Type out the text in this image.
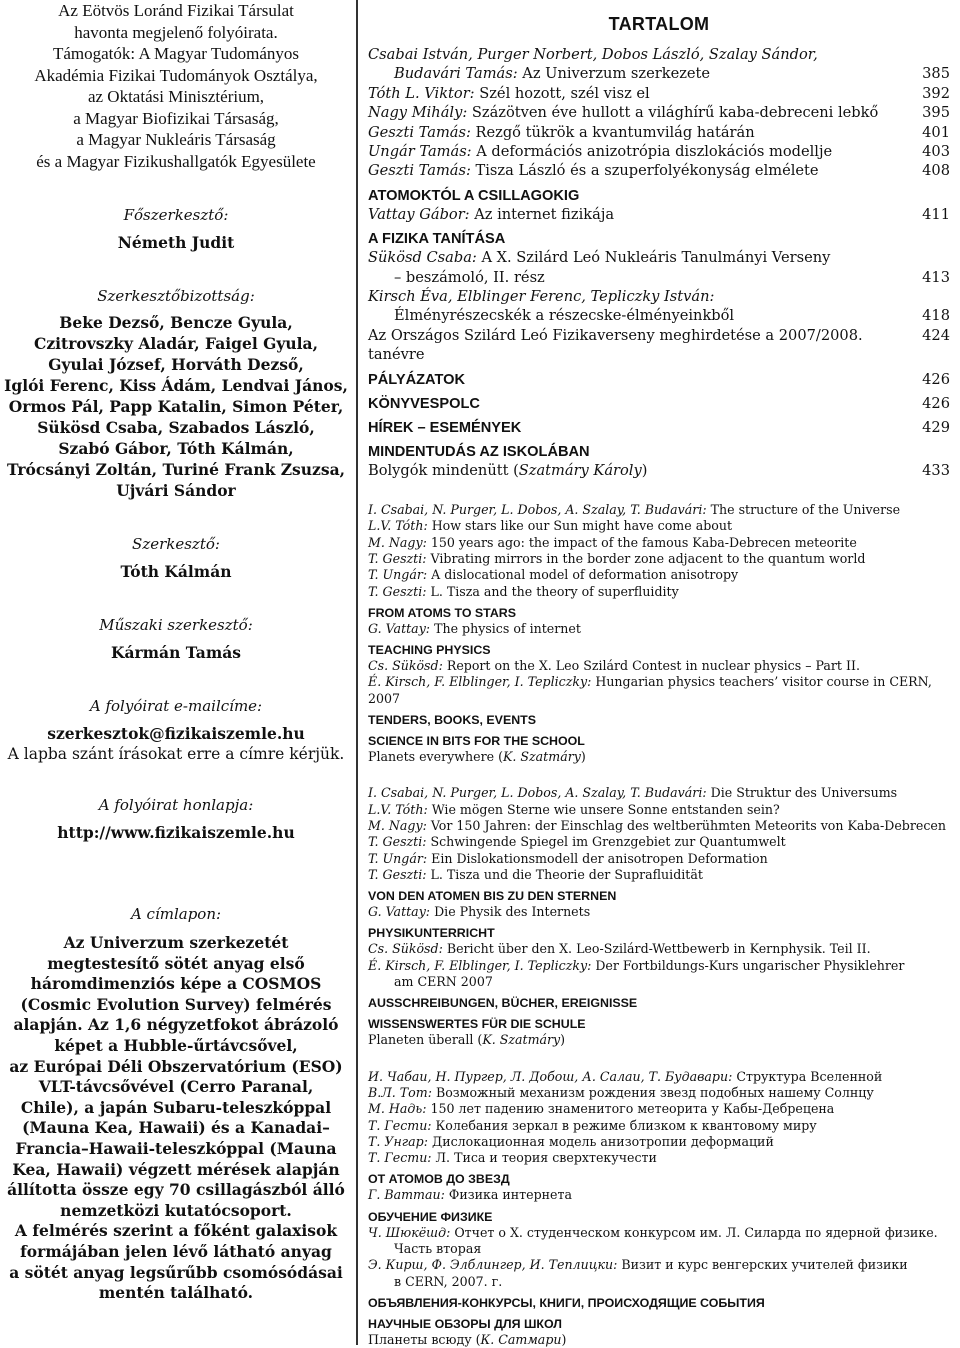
Az Eötvös Loránd Fizikai Társulat
havonta megjelenő folyóirata.
Támogatók: A Magyar Tudományos
Akadémia Fizikai Tudományok Osztálya,
az Oktatási Minisztérium,
a Magyar Biofizikai Társaság,
a Magyar Nukleáris Társaság
és a Magyar Fizikushallgatók Egyesülete
Főszerkesztő:
Németh Judit
Szerkesztőbizottság:
Beke Dezső, Bencze Gyula,
Czitrovszky Aladár, Faigel Gyula,
Gyulai József, Horváth Dezső,
Iglói Ferenc, Kiss Ádám, Lendvai János,
Ormos Pál, Papp Katalin, Simon Péter,
Sükösd Csaba, Szabados László,
Szabó Gábor, Tóth Kálmán,
Trócsányi Zoltán, Turiné Frank Zsuzsa,
Ujvári Sándor
Szerkesztő:
Tóth Kálmán
Műszaki szerkesztő:
Kármán Tamás
A folyóirat e-mailcíme:
szerkesztok@fizikaiszemle.hu
A lapba szánt írásokat erre a címre kérjük.
A folyóirat honlapja:
http://www.fizikaiszemle.hu
A címlapon:
Az Univerzum szerkezetét
megtestesítő sötét anyag első
háromdimenziós képe a COSMOS
(Cosmic Evolution Survey) felmérés
alapján. Az 1,6 négyzetfokot ábrázoló
képet a Hubble-űrtávcsővel,
az Európai Déli Obszervatórium (ESO)
VLT-távcsővével (Cerro Paranal,
Chile), a japán Subaru-teleszkóppal
(Mauna Kea, Hawaii) és a Kanadai–
Francia–Hawaii-teleszkóppal (Mauna
Kea, Hawaii) végzett mérések alapján
állította össze egy 70 csillagászból álló
nemzetközi kutatócsoport.
A felmérés szerint a főként galaxisok
formájában jelen lévő látható anyag
a sötét anyag legsűrűbb csomósódásai
mentén található.
TARTALOM
Csabai István, Purger Norbert, Dobos László, Szalay Sándor,
Budavári Tamás: Az Univerzum szerkezete	385
Tóth L. Viktor: Szél hozott, szél visz el	392
Nagy Mihály: Százötven éve hullott a világhírű kaba-debreceni lebkő	395
Geszti Tamás: Rezgő tükrök a kvantumvilág határán	401
Ungár Tamás: A deformációs anizotrópia diszlokációs modellje	403
Geszti Tamás: Tisza László és a szuperfolyékonyság elmélete	408
ATOMOKTÓL A CSILLAGOKIG
Vattay Gábor: Az internet fizikája	411
A FIZIKA TANÍTÁSA
Sükösd Csaba: A X. Szilárd Leó Nukleáris Tanulmányi Verseny
– beszámoló, II. rész	413
Kirsch Éva, Elblinger Ferenc, Tepliczky István:
Élményrészecskék a részecske-élményeinkből	418
Az Országos Szilárd Leó Fizikaverseny meghirdetése a 2007/2008. tanévre
424
PÁLYÁZATOK	426
KÖNYVESPOLC	426
HÍREK – ESEMÉNYEK	429
MINDENTUDÁS AZ ISKOLÁBAN
Bolygók mindenütt (Szatmáry Károly)	433
I. Csabai, N. Purger, L. Dobos, A. Szalay, T. Budavári: The structure of the Universe
L.V. Tóth: How stars like our Sun might have come about
M. Nagy: 150 years ago: the impact of the famous Kaba-Debrecen meteorite
T. Geszti: Vibrating mirrors in the border zone adjacent to the quantum world
T. Ungár: A dislocational model of deformation anisotropy
T. Geszti: L. Tisza and the theory of superfluidity
FROM ATOMS TO STARS
G. Vattay: The physics of internet
TEACHING PHYSICS
Cs. Sükösd: Report on the X. Leo Szilárd Contest in nuclear physics – Part II.
É. Kirsch, F. Elblinger, I. Tepliczky: Hungarian physics teachers’ visitor course in CERN, 2007
TENDERS, BOOKS, EVENTS
SCIENCE IN BITS FOR THE SCHOOL
Planets everywhere (K. Szatmáry)
I. Csabai, N. Purger, L. Dobos, A. Szalay, T. Budavári: Die Struktur des Universums
L.V. Tóth: Wie mögen Sterne wie unsere Sonne entstanden sein?
M. Nagy: Vor 150 Jahren: der Einschlag des weltberühmten Meteorits von Kaba-Debrecen
T. Geszti: Schwingende Spiegel im Grenzgebiet zur Quantumwelt
T. Ungár: Ein Dislokationsmodell der anisotropen Deformation
T. Geszti: L. Tisza und die Theorie der Suprafluidität
VON DEN ATOMEN BIS ZU DEN STERNEN
G. Vattay: Die Physik des Internets
PHYSIKUNTERRICHT
Cs. Sükösd: Bericht über den X. Leo-Szilárd-Wettbewerb in Kernphysik. Teil II.
É. Kirsch, F. Elblinger, I. Tepliczky: Der Fortbildungs-Kurs ungarischer Physiklehrer
am CERN 2007
AUSSCHREIBUNGEN, BÜCHER, EREIGNISSE
WISSENSWERTES FÜR DIE SCHULE
Planeten überall (K. Szatmáry)
И. Чабаи, Н. Пургер, Л. Добош, А. Салаи, Т. Будавари: Структура Вселенной
В.Л. Тот: Возможный механизм рождения звезд подобных нашему Солнцу
М. Надь: 150 лет падению знаменитого метеорита у Кабы-Дебрецена
Т. Гести: Колебания зеркал в режиме близком к квантовому миру
Т. Унгар: Дислокационная модель анизотропии деформаций
Т. Гести: Л. Тиса и теория сверхтекучести
ОТ АТОМОВ ДО ЗВЕЗД
Г. Ваттаи: Физика интернета
ОБУЧЕНИЕ ФИЗИКЕ
Ч. Шюкёшд: Отчет о X. студенческом конкурсом им. Л. Силарда по ядерной физике.
Часть вторая
Э. Кирш, Ф. Элблингер, И. Теплицки: Визит и курс венгерских учителей физики
в CERN, 2007. г.
ОБЪЯВЛЕНИЯ-КОНКУРСЫ, КНИГИ, ПРОИСХОДЯЩИЕ СОБЫТИЯ
НАУЧНЫЕ ОБЗОРЫ ДЛЯ ШКОЛ
Планеты всюду (К. Сатмари)
